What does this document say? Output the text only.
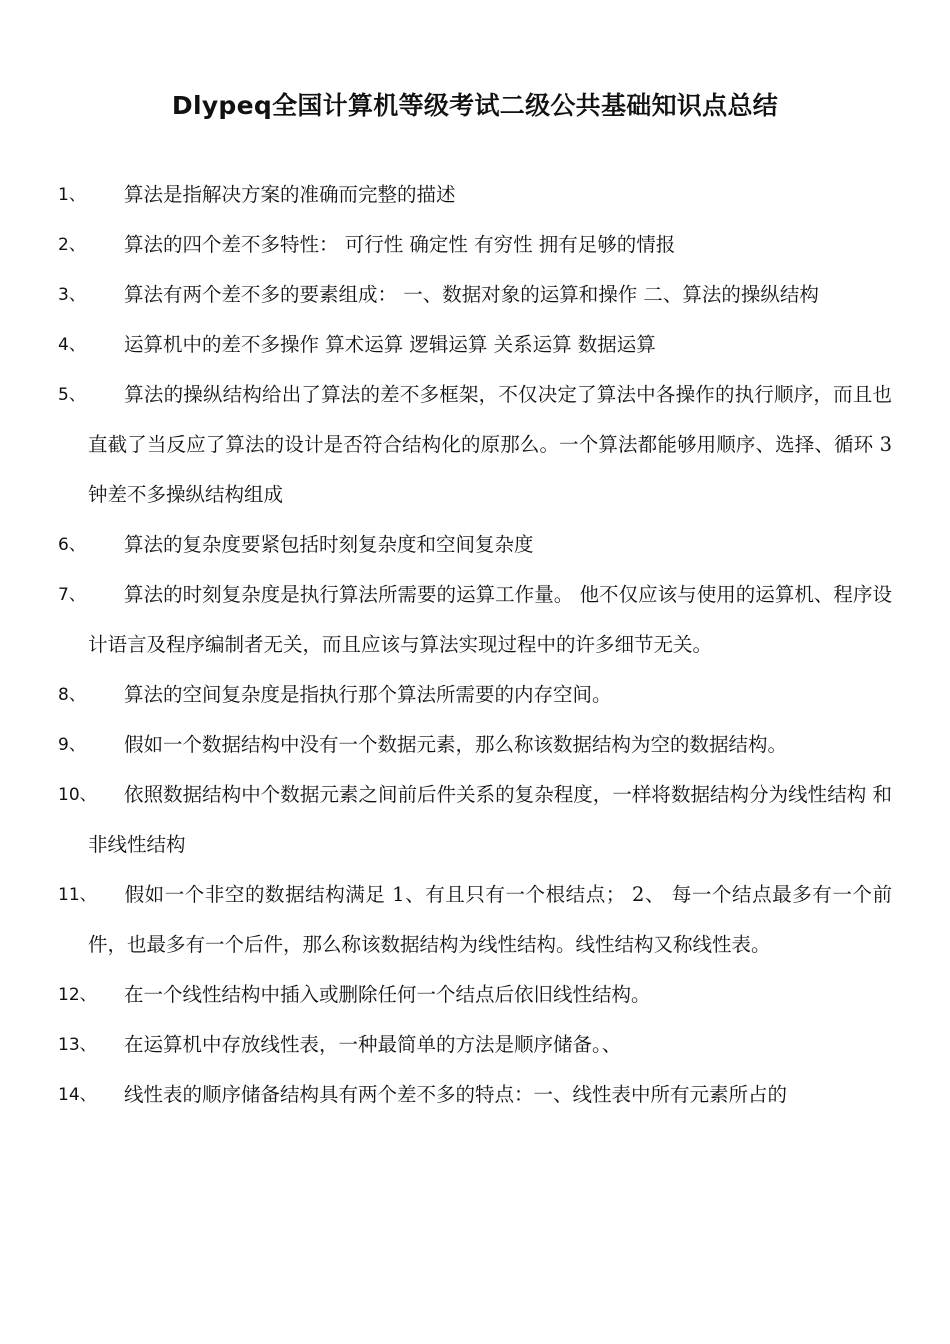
Dlypeq全国计算机等级考试二级公共基础知识点总结
1、	算法是指解决方案的准确而完整的描述
2、	算法的四个差不多特性： 可行性 确定性 有穷性 拥有足够的情报
3、	算法有两个差不多的要素组成： 一、数据对象的运算和操作 二、算法的操纵结构
4、	运算机中的差不多操作 算术运算 逻辑运算 关系运算 数据运算
5、	算法的操纵结构给出了算法的差不多框架，不仅决定了算法中各操作的执行顺序，而且也直截了当反应了算法的设计是否符合结构化的原那么。一个算法都能够用顺序、选择、循环 3 钟差不多操纵结构组成
6、	算法的复杂度要紧包括时刻复杂度和空间复杂度
7、	算法的时刻复杂度是执行算法所需要的运算工作量。 他不仅应该与使用的运算机、程序设计语言及程序编制者无关，而且应该与算法实现过程中的许多细节无关。
8、	算法的空间复杂度是指执行那个算法所需要的内存空间。
9、	假如一个数据结构中没有一个数据元素，那么称该数据结构为空的数据结构。
10、	依照数据结构中个数据元素之间前后件关系的复杂程度，一样将数据结构分为线性结构 和 非线性结构
11、	假如一个非空的数据结构满足 1、有且只有一个根结点； 2、 每一个结点最多有一个前件，也最多有一个后件，那么称该数据结构为线性结构。线性结构又称线性表。
12、	在一个线性结构中插入或删除任何一个结点后依旧线性结构。
13、	在运算机中存放线性表，一种最简单的方法是顺序储备。、
14、	线性表的顺序储备结构具有两个差不多的特点：一、线性表中所有元素所占的
